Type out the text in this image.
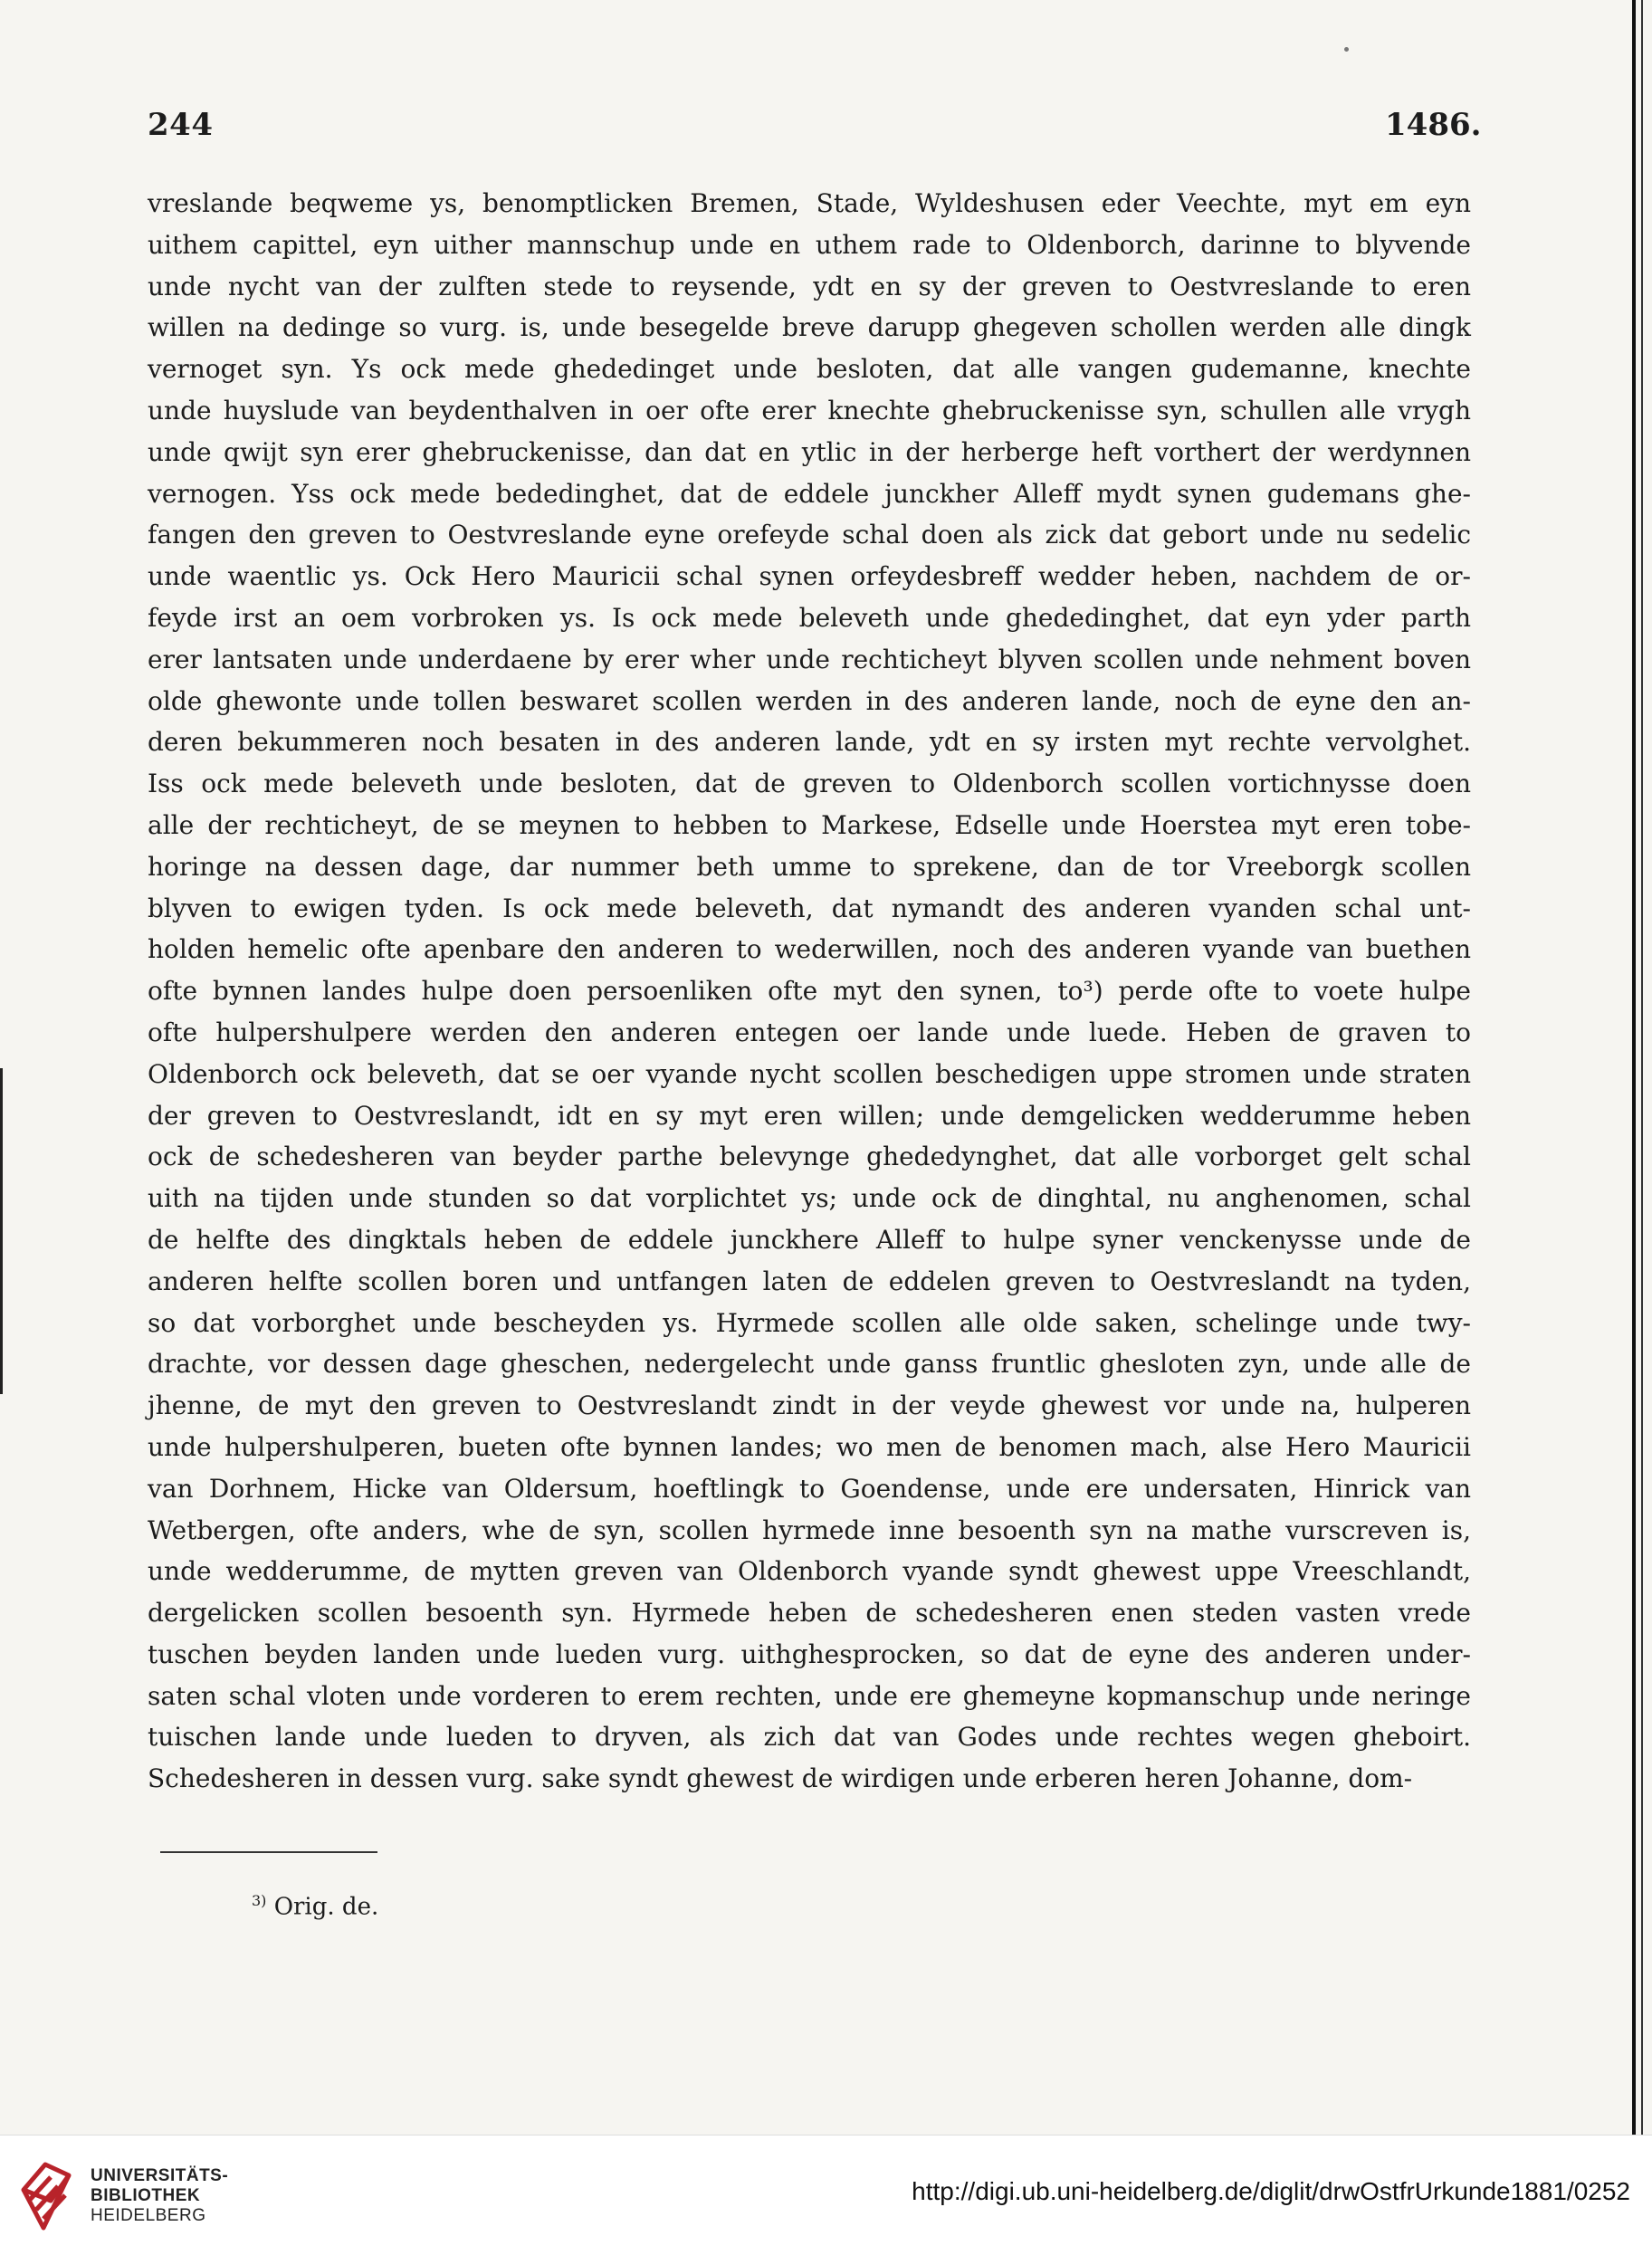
244	1486.
vreslande beqweme ys, benomptlicken Bremen, Stade, Wyldeshusen eder Veechte, myt em eyn
uithem capittel, eyn uither mannschup unde en uthem rade to Oldenborch, darinne to blyvende
unde nycht van der zulften stede to reysende, ydt en sy der greven to Oestvreslande to eren
willen na dedinge so vurg. is, unde besegelde breve darupp ghegeven schollen werden alle dingk
vernoget syn. Ys ock mede ghededinget unde besloten, dat alle vangen gudemanne, knechte
unde huyslude van beydenthalven in oer ofte erer knechte ghebruckenisse syn, schullen alle vrygh
unde qwijt syn erer ghebruckenisse, dan dat en ytlic in der herberge heft vorthert der werdynnen
vernogen. Yss ock mede bededinghet, dat de eddele junckher Alleff mydt synen gudemans ghe-
fangen den greven to Oestvreslande eyne orefeyde schal doen als zick dat gebort unde nu sedelic
unde waentlic ys. Ock Hero Mauricii schal synen orfeydesbreff wedder heben, nachdem de or-
feyde irst an oem vorbroken ys. Is ock mede beleveth unde ghededinghet, dat eyn yder parth
erer lantsaten unde underdaene by erer wher unde rechticheyt blyven scollen unde nehment boven
olde ghewonte unde tollen beswaret scollen werden in des anderen lande, noch de eyne den an-
deren bekummeren noch besaten in des anderen lande, ydt en sy irsten myt rechte vervolghet.
Iss ock mede beleveth unde besloten, dat de greven to Oldenborch scollen vortichnysse doen
alle der rechticheyt, de se meynen to hebben to Markese, Edselle unde Hoerstea myt eren tobe-
horinge na dessen dage, dar nummer beth umme to sprekene, dan de tor Vreeborgk scollen
blyven to ewigen tyden. Is ock mede beleveth, dat nymandt des anderen vyanden schal unt-
holden hemelic ofte apenbare den anderen to wederwillen, noch des anderen vyande van buethen
ofte bynnen landes hulpe doen persoenliken ofte myt den synen, to³) perde ofte to voete hulpe
ofte hulpershulpere werden den anderen entegen oer lande unde luede. Heben de graven to
Oldenborch ock beleveth, dat se oer vyande nycht scollen beschedigen uppe stromen unde straten
der greven to Oestvreslandt, idt en sy myt eren willen; unde demgelicken wedderumme heben
ock de schedesheren van beyder parthe belevynge ghededynghet, dat alle vorborget gelt schal
uith na tijden unde stunden so dat vorplichtet ys; unde ock de dinghtal, nu anghenomen, schal
de helfte des dingktals heben de eddele junckhere Alleff to hulpe syner venckenysse unde de
anderen helfte scollen boren und untfangen laten de eddelen greven to Oestvreslandt na tyden,
so dat vorborghet unde bescheyden ys. Hyrmede scollen alle olde saken, schelinge unde twy-
drachte, vor dessen dage gheschen, nedergelecht unde ganss fruntlic ghesloten zyn, unde alle de
jhenne, de myt den greven to Oestvreslandt zindt in der veyde ghewest vor unde na, hulperen
unde hulpershulperen, bueten ofte bynnen landes; wo men de benomen mach, alse Hero Mauricii
van Dorhnem, Hicke van Oldersum, hoeftlingk to Goendense, unde ere undersaten, Hinrick van
Wetbergen, ofte anders, whe de syn, scollen hyrmede inne besoenth syn na mathe vurscreven is,
unde wedderumme, de mytten greven van Oldenborch vyande syndt ghewest uppe Vreeschlandt,
dergelicken scollen besoenth syn. Hyrmede heben de schedesheren enen steden vasten vrede
tuschen beyden landen unde lueden vurg. uithghesprocken, so dat de eyne des anderen under-
saten schal vloten unde vorderen to erem rechten, unde ere ghemeyne kopmanschup unde neringe
tuischen lande unde lueden to dryven, als zich dat van Godes unde rechtes wegen gheboirt.
Schedesheren in dessen vurg. sake syndt ghewest de wirdigen unde erberen heren Johanne, dom-
$^{3)}$ Orig. de.
UNIVERSITÄTS-
BIBLIOTHEK
HEIDELBERG
http://digi.ub.uni-heidelberg.de/diglit/drwOstfrUrkunde1881/0252
